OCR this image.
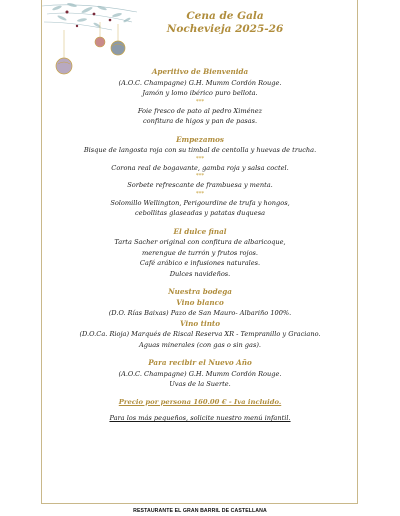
Cena de Gala
Nochevieja 2025-26
Aperitivo de Bienvenida
(A.O.C. Champagne) G.H. Mumm Cordón Rouge.
Jamón y lomo ibérico puro bellota.
***
Foie fresco de pato al pedro Ximénez
confitura de higos y pan de pasas.
Empezamos
Bisque de langosta roja con su timbal de centolla y huevas de trucha.
***
Corona real de bogavante, gamba roja y salsa coctel.
***
Sorbete refrescante de frambuesa y menta.
***
Solomillo Wellington, Perigourdine de trufa y hongos,
cebollitas glaseadas y patatas duquesa
El dulce final
Tarta Sacher original con confitura de albaricoque,
merengue de turrón y frutos rojos.
Café arábico e infusiones naturales.
Dulces navideños.
Nuestra bodega
Vino blanco
(D.O. Rías Baixas) Pazo de San Mauro- Albariño 100%.
Vino tinto
(D.O.Ca. Rioja) Marqués de Riscal Reserva XR - Tempranillo y Graciano.
Aguas minerales (con gas o sin gas).
Para recibir el Nuevo Año
(A.O.C. Champagne) G.H. Mumm Cordón Rouge.
Uvas de la Suerte.
Precio por persona 160.00 € - Iva incluido.
Para los más pequeños, solicite nuestro menú infantil.
RESTAURANTE EL GRAN BARRIL DE CASTELLANA
